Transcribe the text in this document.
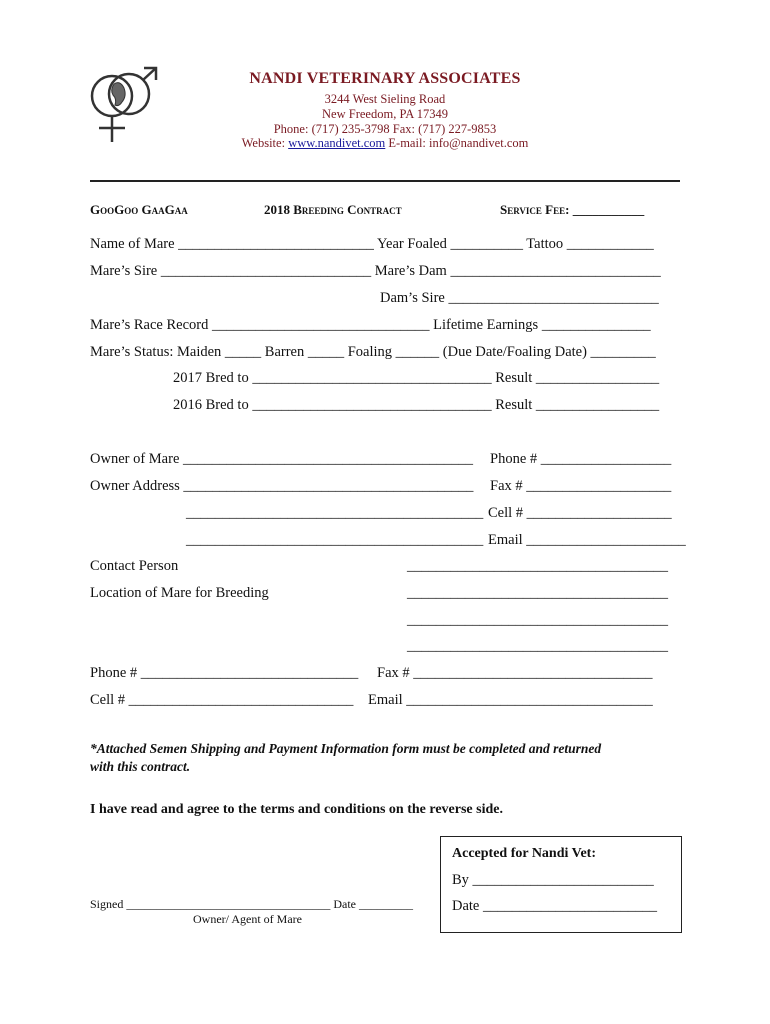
NANDI VETERINARY ASSOCIATES
3244 West Sieling Road
New Freedom, PA 17349
Phone: (717) 235-3798 Fax: (717) 227-9853
Website: www.nandivet.com E-mail: info@nandivet.com
GooGoo GaaGaa	2018 Breeding Contract	Service Fee: ___________
Name of Mare ___________________________ Year Foaled __________ Tattoo ____________
Mare’s Sire _____________________________ Mare’s Dam _____________________________
Dam’s Sire _____________________________
Mare’s Race Record ______________________________ Lifetime Earnings _______________
Mare’s Status: Maiden _____ Barren _____ Foaling ______ (Due Date/Foaling Date) _________
2017 Bred to _________________________________ Result _________________
2016 Bred to _________________________________ Result _________________
Owner of Mare ________________________________________ Phone # __________________
Owner Address ________________________________________ Fax # ____________________
_________________________________________ Cell # ____________________
_________________________________________ Email ______________________
Contact Person	____________________________________
Location of Mare for Breeding	____________________________________
____________________________________
____________________________________
Phone # ______________________________ Fax # _________________________________
Cell # _______________________________ Email __________________________________
*Attached Semen Shipping and Payment Information form must be completed and returned
with this contract.
I have read and agree to the terms and conditions on the reverse side.
Signed __________________________________ Date _________
Owner/ Agent of Mare
Accepted for Nandi Vet:
By _________________________
Date ________________________
